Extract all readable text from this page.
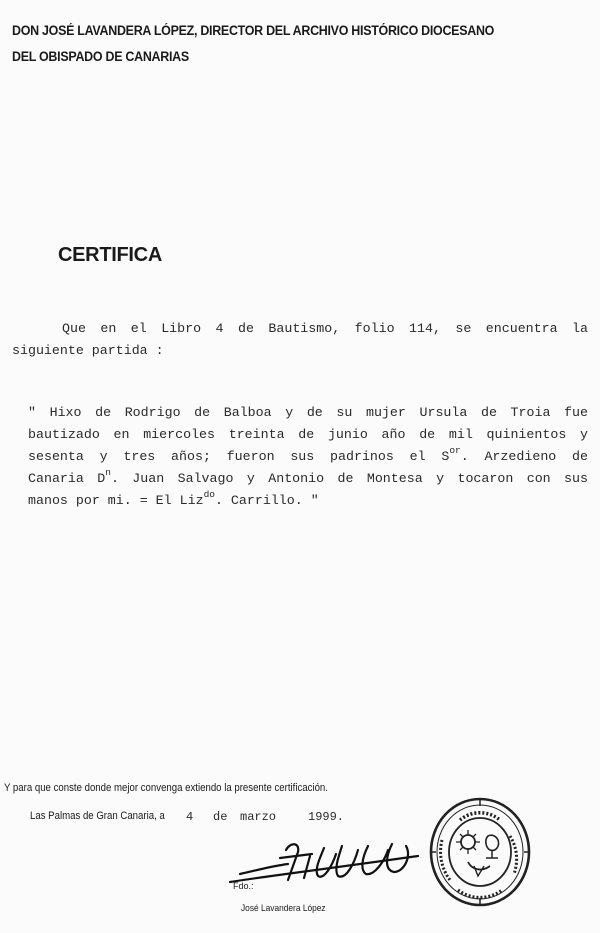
DON JOSÉ LAVANDERA LÓPEZ, DIRECTOR DEL ARCHIVO HISTÓRICO DIOCESANO
DEL OBISPADO DE CANARIAS
CERTIFICA
Que en el Libro 4 de Bautismo, folio 114, se encuentra la
siguiente partida :
" Hixo de Rodrigo de Balboa y de su mujer Ursula de Troia fue
bautizado en miercoles treinta de junio año de mil quinientos y
sesenta y tres años; fueron sus padrinos el $S^{or}$. Arzedieno de
Canaria $D^n$. Juan Salvago y Antonio de Montesa y tocaron con sus
manos por mi. = El Liz$^{do}$. Carrillo. "
Y para que conste donde mejor convenga extiendo la presente certificación.
Las Palmas de Gran Canaria, a 4 de marzo	1999.
Fdo.:
José Lavandera López
